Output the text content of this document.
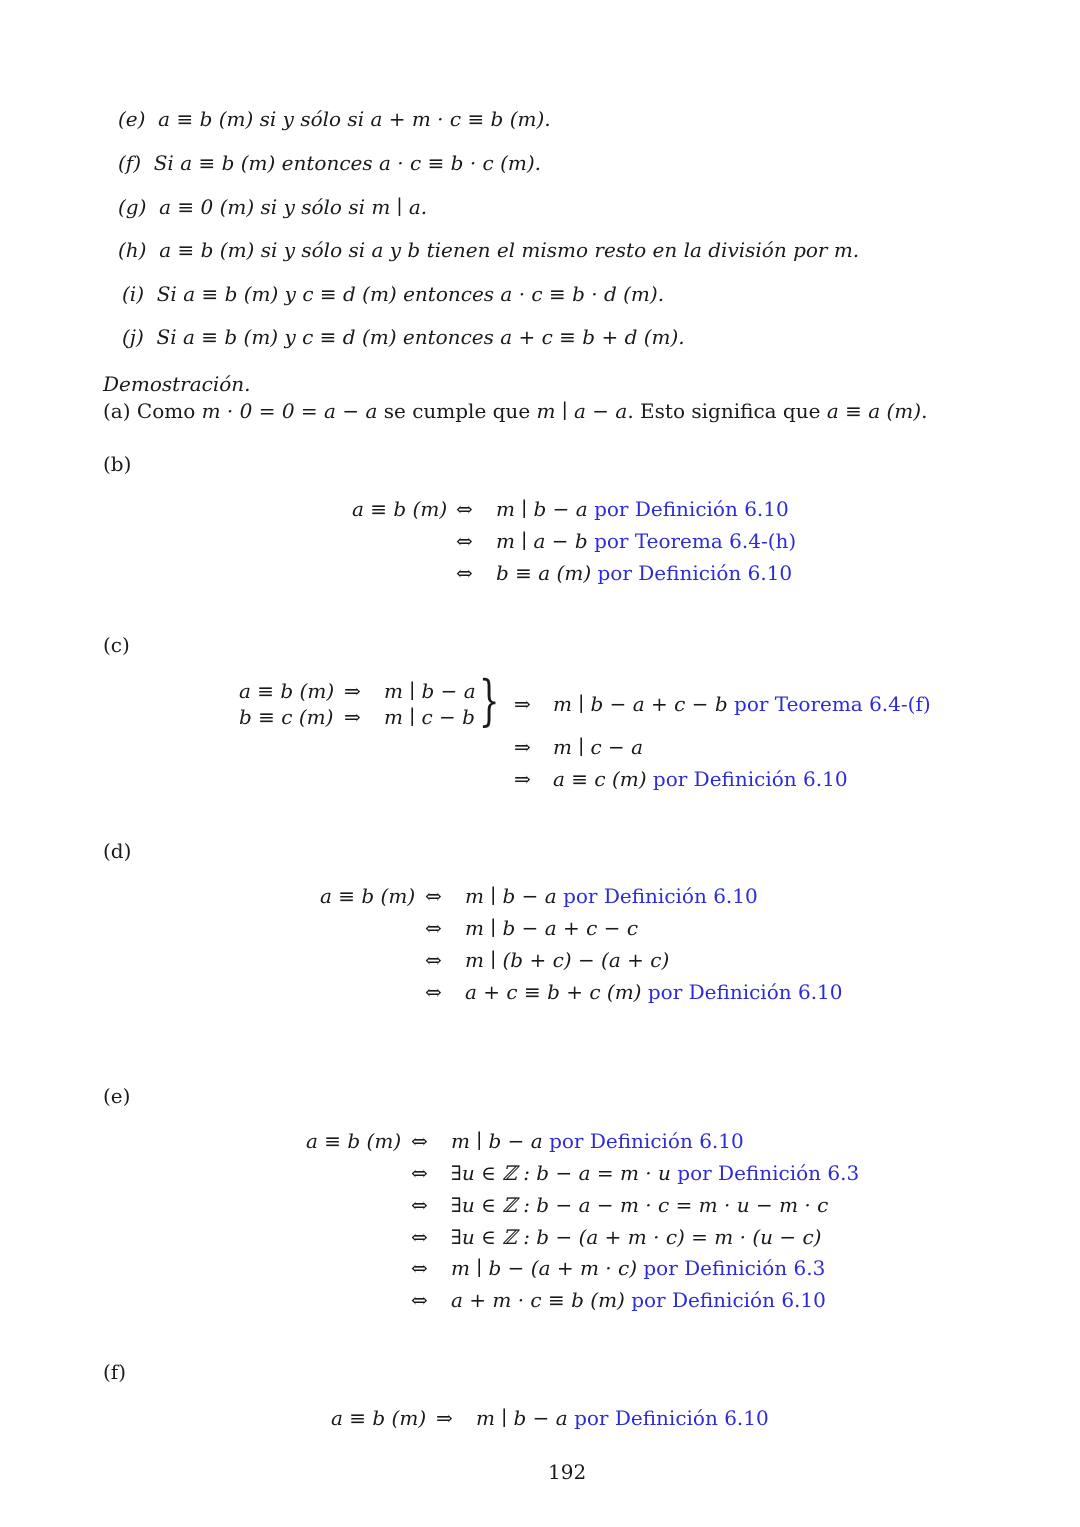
(e) a ≡ b (m) si y sólo si a + m · c ≡ b (m).
(f) Si a ≡ b (m) entonces a · c ≡ b · c (m).
(g) a ≡ 0 (m) si y sólo si m ∣ a.
(h) a ≡ b (m) si y sólo si a y b tienen el mismo resto en la división por m.
(i) Si a ≡ b (m) y c ≡ d (m) entonces a · c ≡ b · d (m).
(j) Si a ≡ b (m) y c ≡ d (m) entonces a + c ≡ b + d (m).
Demostración.
(a) Como m · 0 = 0 = a − a se cumple que m ∣ a − a. Esto significa que a ≡ a (m).
(b)
a ≡ b (m) ⇔ m ∣ b − a por Definición 6.10
⇔ m ∣ a − b por Teorema 6.4-(h)
⇔ b ≡ a (m) por Definición 6.10
(c)
a ≡ b (m) ⇒ m ∣ b − a
b ≡ c (m) ⇒ m ∣ c − b } ⇒ m ∣ b − a + c − b por Teorema 6.4-(f)
⇒ m ∣ c − a
⇒ a ≡ c (m) por Definición 6.10
(d)
a ≡ b (m) ⇔ m ∣ b − a por Definición 6.10
⇔ m ∣ b − a + c − c
⇔ m ∣ (b + c) − (a + c)
⇔ a + c ≡ b + c (m) por Definición 6.10
(e)
a ≡ b (m) ⇔ m ∣ b − a por Definición 6.10
⇔ ∃u ∈ ℤ : b − a = m · u por Definición 6.3
⇔ ∃u ∈ ℤ : b − a − m · c = m · u − m · c
⇔ ∃u ∈ ℤ : b − (a + m · c) = m · (u − c)
⇔ m ∣ b − (a + m · c) por Definición 6.3
⇔ a + m · c ≡ b (m) por Definición 6.10
(f)
a ≡ b (m) ⇒ m ∣ b − a por Definición 6.10
192
